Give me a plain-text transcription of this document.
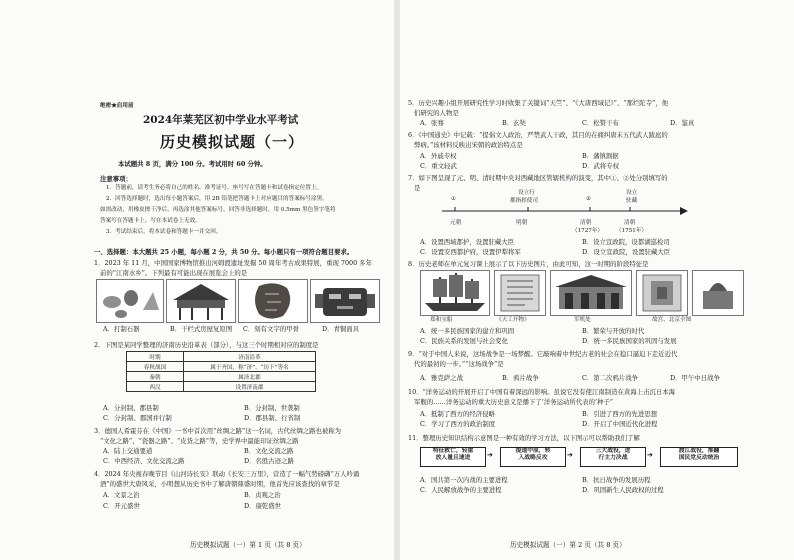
绝密★启用前
2024年莱芜区初中学业水平考试
历史模拟试题（一）
本试题共 8 页，满分 100 分。考试用时 60 分钟。
注意事项：
1．答题前，请考生务必将自己的姓名、准考证号、座号写在答题卡和试卷指定位置上。
2．回答选择题时，选出每小题答案后，用 2B 铅笔把答题卡上对应题目的答案标号涂黑。
如需改动，用橡皮擦干净后，再选涂其他答案标号。回答非选择题时，用 0.5mm 黑色签字笔将
答案写在答题卡上。写在本试卷上无效。
3．考试结束后，将本试卷和答题卡一并交回。
一、选择题：本大题共 25 小题，每小题 2 分，共 50 分。每小题只有一项符合题目要求。
1．2023 年 11 月，中国国家博物馆推出河姆渡遗址发掘 50 周年考古成果特展，重现 7000 多年
前的“江南水乡”。下列最有可能出现在展览会上的是
A．打制石器	B．干栏式房屋复原图 C．刻有文字的甲骨	D．青铜面具
2．下图是某同学整理的济南历史沿革表（部分），与这三个时期相对应的制度是
时期	济南沿革
春秋战国	属于齐国，称“济”、“历下”等名
秦朝	属济北郡
西汉	设置济南郡
A．分封制、郡县制	B．分封制、世袭制
C．分封制、郡国并行制	D．郡县制、行省制
3．德国人希霍芬在《中国》一书中首次用“丝绸之路”这一名词，古代丝绸之路也被称为
“文化之路”、“瓷器之路”、“皮货之路”等，史学界中最能印证丝绸之路
A．陆上交通要道	B．文化交流之路
C．中西经济、文化交流之路	D．名胜古迹之路
4．2024 年央视春晚节目《山河诗长安》联动《长安三万里》，营造了一幅气势磅礴“万人吟诵
酒”的盛世大唐风采，小明想从历史书中了解唐朝鼎盛时期，他首先应该查找的章节是
A．文景之治	B．贞观之治
C．开元盛世	D．康乾盛世
历史模拟试题（一）第 1 页（共 8 页）
5．历史兴趣小组开展研究性学习时收集了关键词“天竺”、“《大唐西域记》”、“那烂陀寺”，他
们研究的人物是
A．张骞	B．玄奘	C．松赞干布	D．鉴真
6．《中国通史》中记载：“提倡文人政治，严禁武人干政，其目的在痛纠唐末五代武人跋扈的
弊病。”该材料反映出宋朝的政治特点是
A．外戚专权	B．藩镇割据
C．重文轻武	D．武将专权
7．如下图呈现了元、明、清时期中央对西藏地区管辖机构的演变，其中①、②处分别填写的
是
设立行
都指挥使司
设立
驻藏
①	②
元朝	明朝	清朝
（1727年）
清朝
（1751年）
A．设置西域都护，设置驻藏大臣	B．设立宣政院，设都湖巡检司
C．设置安西都护府，设置伊犁将军	D．设立宣政院，设置驻藏大臣
8．历史老师在单元复习课上展示了以下历史图片，由此可知，这一时期的阶段特征是
郑和宝船	《天工开物》	军机处	故宫、北京全图
A．统一多民族国家的建立和巩固	B．繁荣与开放的时代
C．民族关系的发展与社会变化	D．统一多民族国家的巩固与发展
9．“对于中国人来说，这场战争是一场梦醒。它敲响着中世纪古老的社会在稳口逼迫下走近近代
代的最初的一步。”“这场战争”是
A．雅克萨之战	B．鸦片战争	C．第二次鸦片战争	D．甲午中日战争
10．“洋务运动的开展开启了中国有着深远的影响。虽说它没有使江南制造在黄海上击沉日本海
军舰的……洋务运动的重大历史意义是播下了‘洋务运动所代表的’种子”
A．抵制了西方的经济侵略	B．引进了西方的先进思想
C．学习了西方的政治制度	D．开启了中国近代化进程
11．整理历史知识结构示意图是一种有效的学习方法，以下图示可以帮助我们了解
特征救亡，轻重
放人量且速进	➔	提速中原，转
入战略反攻	➔	三大战役，进
行主力决战	➔	渡江战役，推翻
国民党反动统治
A．国共第一次内战的主要进程	B．抗日战争的发展历程
C．人民解放战争的主要进程	D．巩固新生人民政权的过程
历史模拟试题（一）第 2 页（共 8 页）
